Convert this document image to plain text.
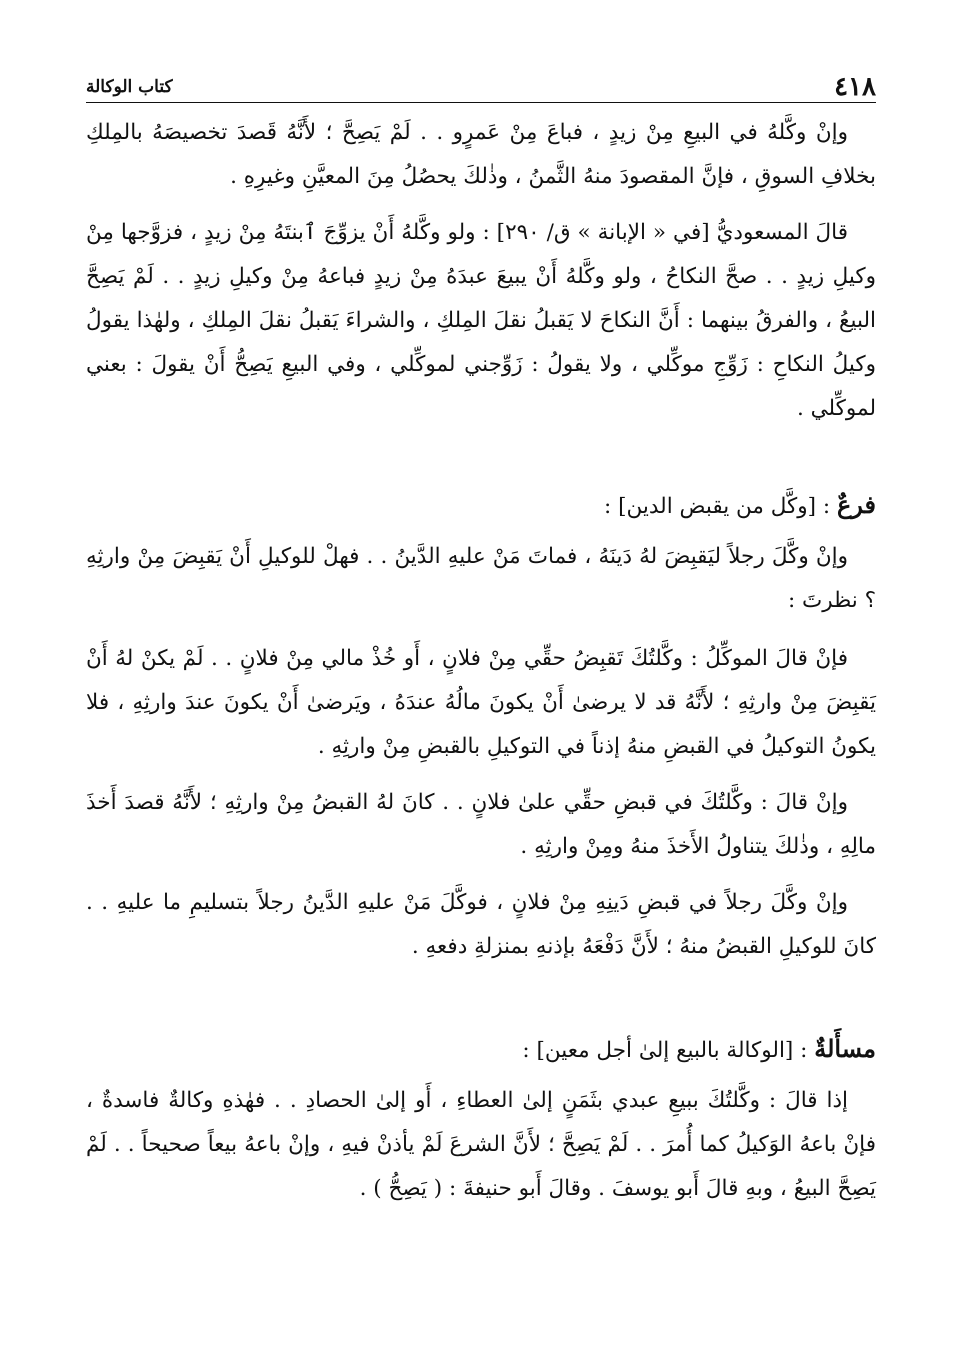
٤١٨
كتاب الوكالة

وإنْ وكَّلهُ في البيعِ مِنْ زيدٍ ، فباعَ مِنْ عَمرٍو . . لَمْ يَصِحَّ ؛ لأَنَّهُ قَصدَ تخصيصَهُ بالمِلكِ بخلافِ السوقِ ، فإنَّ المقصودَ منهُ الثَّمنُ ، وذٰلكَ يحصُلُ مِنَ المعيَّنِ وغيرِهِ .

قالَ المسعوديُّ [في « الإبانة » ق/ ٢٩٠] : ولو وكَّلهُ أَنْ يزوِّجَ ٱبنتَهُ مِنْ زيدٍ ، فزوَّجها مِنْ وكيلِ زيدٍ . . صحَّ النكاحُ ، ولو وكَّلهُ أَنْ يبيعَ عبدَهُ مِنْ زيدٍ فباعهُ مِنْ وكيلِ زيدٍ . . لَمْ يَصِحَّ البيعُ ، والفرقُ بينهما : أَنَّ النكاحَ لا يَقبلُ نقلَ المِلكِ ، والشراءَ يَقبلُ نقلَ المِلكِ ، ولهٰذا يقولُ وكيلُ النكاحِ : زَوِّجِ موكِّلي ، ولا يقولُ : زَوِّجني لموكِّلي ، وفي البيعِ يَصِحُّ أَنْ يقولَ : بعني لموكِّلي .

فرعٌ : [وكَّل من يقبض الدين] :

وإنْ وكَّلَ رجلاً ليَقبِضَ لهُ دَينَهُ ، فماتَ مَنْ عليهِ الدَّينُ . . فهلْ للوكيلِ أَنْ يَقبِضَ مِنْ وارثِهِ ؟ نظرتَ :

فإنْ قالَ الموكِّلُ : وكَّلتُكَ تَقبِضُ حقِّي مِنْ فلانٍ ، أَو خُذْ مالي مِنْ فلانٍ . . لَمْ يكنْ لهُ أَنْ يَقبِضَ مِنْ وارثِهِ ؛ لأَنَّهُ قد لا يرضىٰ أَنْ يكونَ مالُهُ عندَهُ ، ويَرضىٰ أَنْ يكونَ عندَ وارثِهِ ، فلا يكونُ التوكيلُ في القبضِ منهُ إذناً في التوكيلِ بالقبضِ مِنْ وارثِهِ .

وإنْ قالَ : وكَّلتُكَ في قبضِ حقِّي علىٰ فلانٍ . . كانَ لهُ القبضُ مِنْ وارثِهِ ؛ لأَنَّهُ قصدَ أَخذَ مالِهِ ، وذٰلكَ يتناولُ الأَخذَ منهُ ومِنْ وارثِهِ .

وإنْ وكَّلَ رجلاً في قبضِ دَينِهِ مِنْ فلانٍ ، فوكَّلَ مَنْ عليهِ الدَّينُ رجلاً بتسليمِ ما عليهِ . . كانَ للوكيلِ القبضُ منهُ ؛ لأَنَّ دَفْعَهُ بإذنهِ بمنزلةِ دفعهِ .

مسأَلةٌ : [الوكالة بالبيع إلىٰ أجل معين] :

إذا قالَ : وكَّلتُكَ ببيعِ عبدي بثَمَنٍ إلىٰ العطاءِ ، أَو إلىٰ الحصادِ . . فهٰذهِ وكالةٌ فاسدةٌ ، فإنْ باعهُ الوَكيلُ كما أُمرَ . . لَمْ يَصِحَّ ؛ لأَنَّ الشرعَ لَمْ يأذنْ فيهِ ، وإنْ باعهُ بيعاً صحيحاً . . لَمْ يَصِحَّ البيعُ ، وبهِ قالَ أَبو يوسفَ . وقالَ أَبو حنيفةَ : ( يَصِحُّ ) .
